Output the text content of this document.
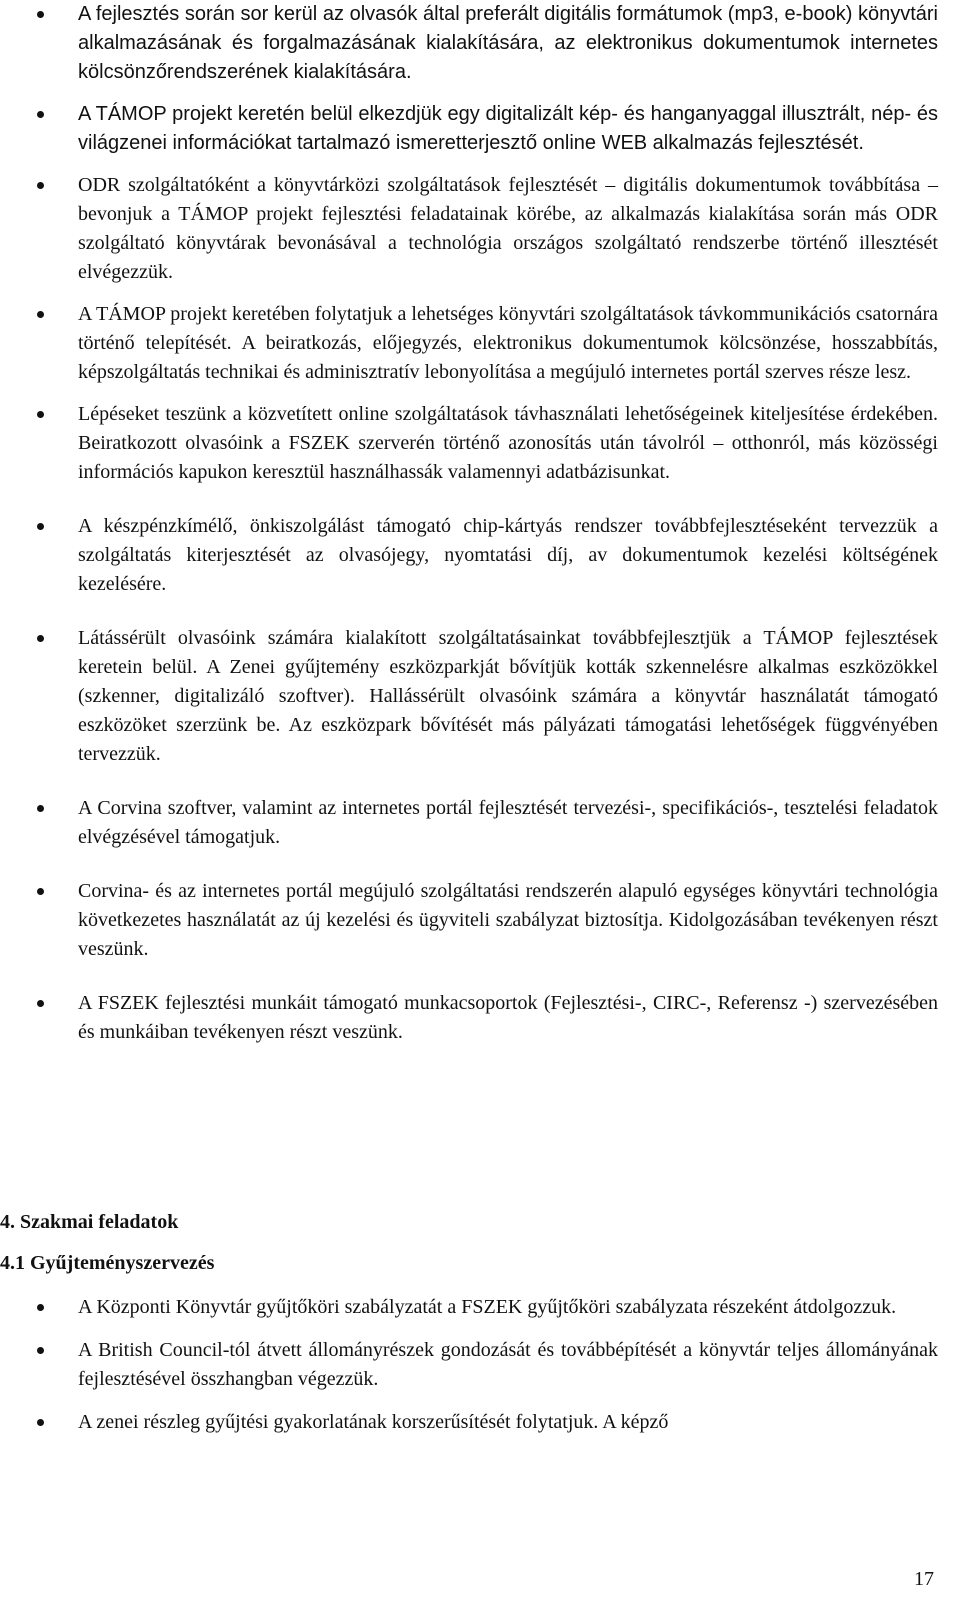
A fejlesztés során sor kerül az olvasók által preferált digitális formátumok (mp3, e-book) könyvtári alkalmazásának és forgalmazásának kialakítására, az elektronikus dokumentumok internetes kölcsönzőrendszerének kialakítására.
A TÁMOP projekt keretén belül elkezdjük egy digitalizált kép- és hanganyaggal illusztrált, nép- és világzenei információkat tartalmazó ismeretterjesztő online WEB alkalmazás fejlesztését.
ODR szolgáltatóként a könyvtárközi szolgáltatások fejlesztését – digitális dokumentumok továbbítása – bevonjuk a TÁMOP projekt fejlesztési feladatainak körébe, az alkalmazás kialakítása során más ODR szolgáltató könyvtárak bevonásával a technológia országos szolgáltató rendszerbe történő illesztését elvégezzük.
A TÁMOP projekt keretében folytatjuk a lehetséges könyvtári szolgáltatások távkommunikációs csatornára történő telepítését. A beiratkozás, előjegyzés, elektronikus dokumentumok kölcsönzése, hosszabbítás, képszolgáltatás technikai és adminisztratív lebonyolítása a megújuló internetes portál szerves része lesz.
Lépéseket teszünk a közvetített online szolgáltatások távhasználati lehetőségeinek kiteljesítése érdekében. Beiratkozott olvasóink a FSZEK szerverén történő azonosítás után távolról – otthonról, más közösségi információs kapukon keresztül használhassák valamennyi adatbázisunkat.
A készpénzkímélő, önkiszolgálást támogató chip-kártyás rendszer továbbfejlesztéseként tervezzük a szolgáltatás kiterjesztését az olvasójegy, nyomtatási díj, av dokumentumok kezelési költségének kezelésére.
Látássérült olvasóink számára kialakított szolgáltatásainkat továbbfejlesztjük a TÁMOP fejlesztések keretein belül. A Zenei gyűjtemény eszközparkját bővítjük kották szkennelésre alkalmas eszközökkel (szkenner, digitalizáló szoftver). Hallássérült olvasóink számára a könyvtár használatát támogató eszközöket szerzünk be. Az eszközpark bővítését más pályázati támogatási lehetőségek függvényében tervezzük.
A Corvina szoftver, valamint az internetes portál fejlesztését tervezési-, specifikációs-, tesztelési feladatok elvégzésével támogatjuk.
Corvina- és az internetes portál megújuló szolgáltatási rendszerén alapuló egységes könyvtári technológia következetes használatát az új kezelési és ügyviteli szabályzat biztosítja. Kidolgozásában tevékenyen részt veszünk.
A FSZEK fejlesztési munkáit támogató munkacsoportok (Fejlesztési-, CIRC-, Referensz -) szervezésében és munkáiban tevékenyen részt veszünk.
4. Szakmai feladatok
4.1 Gyűjteményszervezés
A Központi Könyvtár gyűjtőköri szabályzatát a FSZEK gyűjtőköri szabályzata részeként átdolgozzuk.
A British Council-tól átvett állományrészek gondozását és továbbépítését a könyvtár teljes állományának fejlesztésével összhangban végezzük.
A zenei részleg gyűjtési gyakorlatának korszerűsítését folytatjuk. A képző
17
